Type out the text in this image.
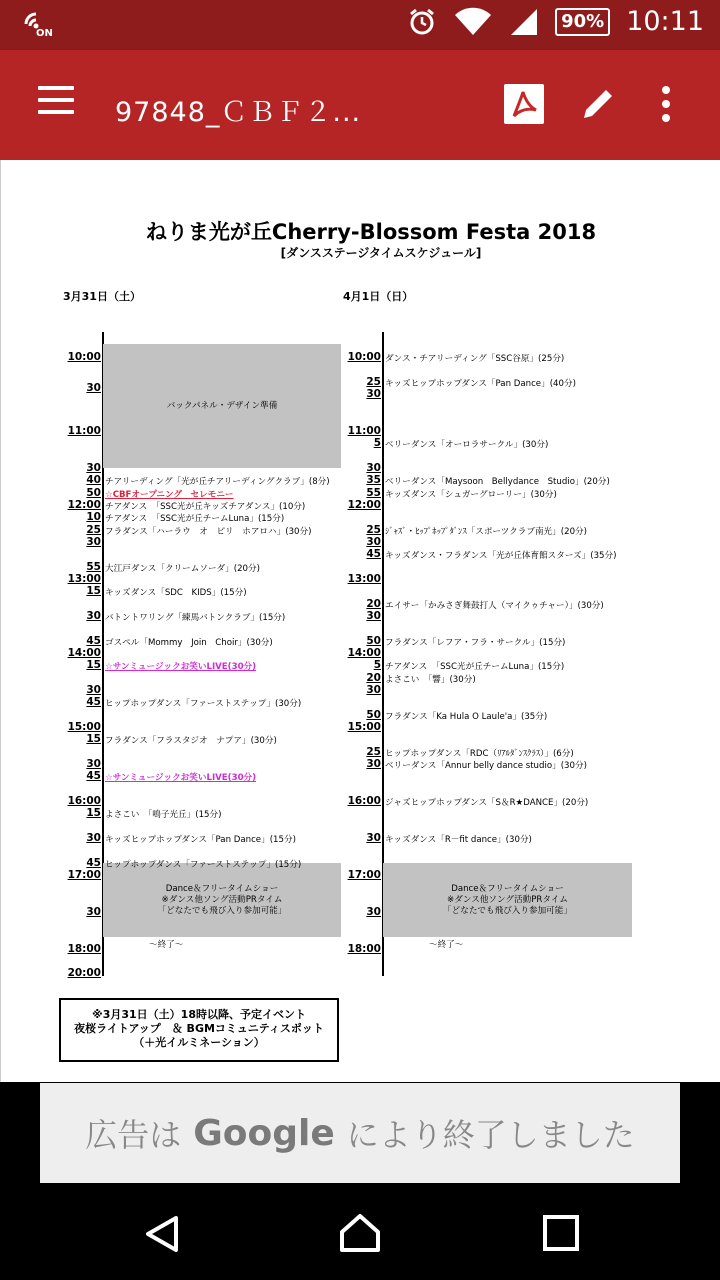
ON
90% 10:11
97848_ＣＢＦ２...
ねりま光が丘Cherry-Blossom Festa 2018
[ダンスステージタイムスケジュール]
3月31日（土）	4月1日（日）
10:00
30
11:00
30
40
50
12:00
10
25
30
55
13:00
15
30
45
14:00
15
30
45
15:00
15
30
45
16:00
15
30
45
17:00
30
18:00
20:00
10:00
25
30
11:00
5
30
35
55
12:00
25
30
45
13:00
20
30
50
14:00
5
20
30
50
15:00
25
30
16:00
30
17:00
30
18:00
バックパネル・デザイン準備
Dance＆フリータイムショー
※ダンス他ソング活動PRタイム
「どなたでも飛び入り参加可能」
Dance＆フリータイムショー
※ダンス他ソング活動PRタイム
「どなたでも飛び入り参加可能」
～終了～	～終了～
チアリーディング「光が丘チアリーディングクラブ」(8分)
☆CBFオープニング　セレモニー
チアダンス　「SSC光が丘キッズチアダンス」(10分)
チアダンス　「SSC光が丘チームLuna」(15分)
フラダンス「ハーラウ　オ　ピリ　ホアロハ」(30分)
大江戸ダンス「クリームソーダ」(20分)
キッズダンス「SDC　KIDS」(15分)
バトントワリング「練馬バトンクラブ」(15分)
ゴスペル「Mommy　Join　Choir」(30分)
☆サンミュージックお笑いLIVE(30分)
ヒップホップダンス「ファーストステップ」(30分)
フラダンス「フラスタジオ　ナプア」(30分)
☆サンミュージックお笑いLIVE(30分)
よさこい　「鳴子光丘」(15分)
キッズヒップホップダンス「Pan Dance」(15分)
ヒップホップダンス「ファーストステップ」(15分)
ダンス・チアリーディング「SSC谷原」(25分)
キッズヒップホップダンス「Pan Dance」(40分)
ベリーダンス「オーロラサークル」(30分)
ベリーダンス「Maysoon　Bellydance　Studio」(20分)
キッズダンス「シュガーグローリー」(30分)
ｼﾞｬｽﾞ・ﾋｯﾌﾟﾎｯﾌﾟﾀﾞﾝｽ「スポーツクラブ南光」(20分)
キッズダンス・フラダンス「光が丘体育館スターズ」(35分)
エイサー「かみさぎ舞鼓打人（マイクゥチャー）」(30分)
フラダンス「レフア・フラ・サークル」(15分)
チアダンス　「SSC光が丘チームLuna」(15分)
よさこい　「響」(30分)
フラダンス「Ka Hula O Laule'a」(35分)
ヒップホップダンス「RDC（ﾘｱﾙﾀﾞﾝｽｸﾗｽ）」(6分)
ベリーダンス「Annur belly dance studio」(30分)
ジャズヒップホップダンス「S＆R★DANCE」(20分)
キッズダンス「R－fit dance」(30分)
※3月31日（土）18時以降、予定イベント
夜桜ライトアップ　＆ BGMコミュニティスポット
（＋光イルミネーション）
広告は Google により終了しました
